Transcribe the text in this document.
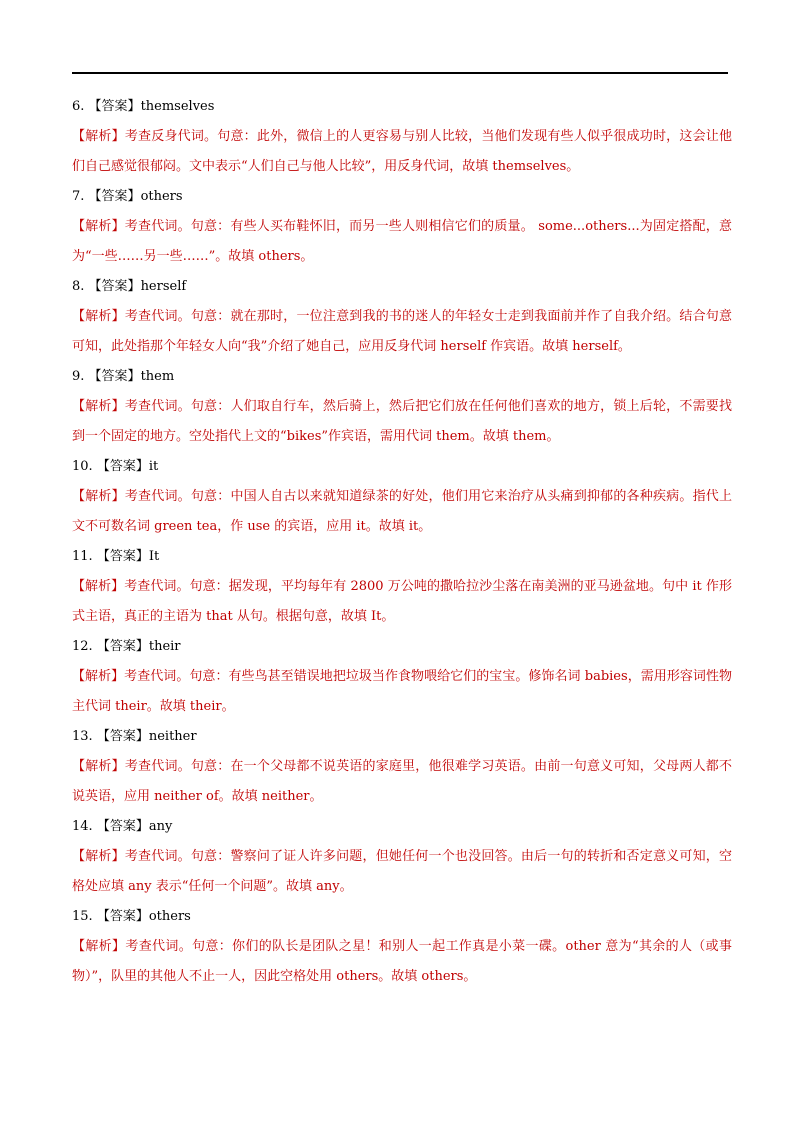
6. 【答案】themselves
【解析】考查反身代词。句意：此外，微信上的人更容易与别人比较，当他们发现有些人似乎很成功时，这会让他们自己感觉很郁闷。文中表示“人们自己与他人比较”，用反身代词，故填 themselves。
7. 【答案】others
【解析】考查代词。句意：有些人买布鞋怀旧，而另一些人则相信它们的质量。 some...others...为固定搭配，意为“一些……另一些……”。故填 others。
8. 【答案】herself
【解析】考查代词。句意：就在那时，一位注意到我的书的迷人的年轻女士走到我面前并作了自我介绍。结合句意可知，此处指那个年轻女人向“我”介绍了她自己，应用反身代词 herself 作宾语。故填 herself。
9. 【答案】them
【解析】考查代词。句意：人们取自行车，然后骑上，然后把它们放在任何他们喜欢的地方，锁上后轮，不需要找到一个固定的地方。空处指代上文的“bikes”作宾语，需用代词 them。故填 them。
10. 【答案】it
【解析】考查代词。句意：中国人自古以来就知道绿茶的好处，他们用它来治疗从头痛到抑郁的各种疾病。指代上文不可数名词 green tea，作 use 的宾语，应用 it。故填 it。
11. 【答案】It
【解析】考查代词。句意：据发现，平均每年有 2800 万公吨的撒哈拉沙尘落在南美洲的亚马逊盆地。句中 it 作形式主语，真正的主语为 that 从句。根据句意，故填 It。
12. 【答案】their
【解析】考查代词。句意：有些鸟甚至错误地把垃圾当作食物喂给它们的宝宝。修饰名词 babies，需用形容词性物主代词 their。故填 their。
13. 【答案】neither
【解析】考查代词。句意：在一个父母都不说英语的家庭里，他很难学习英语。由前一句意义可知，父母两人都不说英语，应用 neither of。故填 neither。
14. 【答案】any
【解析】考查代词。句意：警察问了证人许多问题，但她任何一个也没回答。由后一句的转折和否定意义可知，空格处应填 any 表示“任何一个问题”。故填 any。
15. 【答案】others
【解析】考查代词。句意：你们的队长是团队之星！和别人一起工作真是小菜一碟。other 意为“其余的人（或事物）”，队里的其他人不止一人，因此空格处用 others。故填 others。
